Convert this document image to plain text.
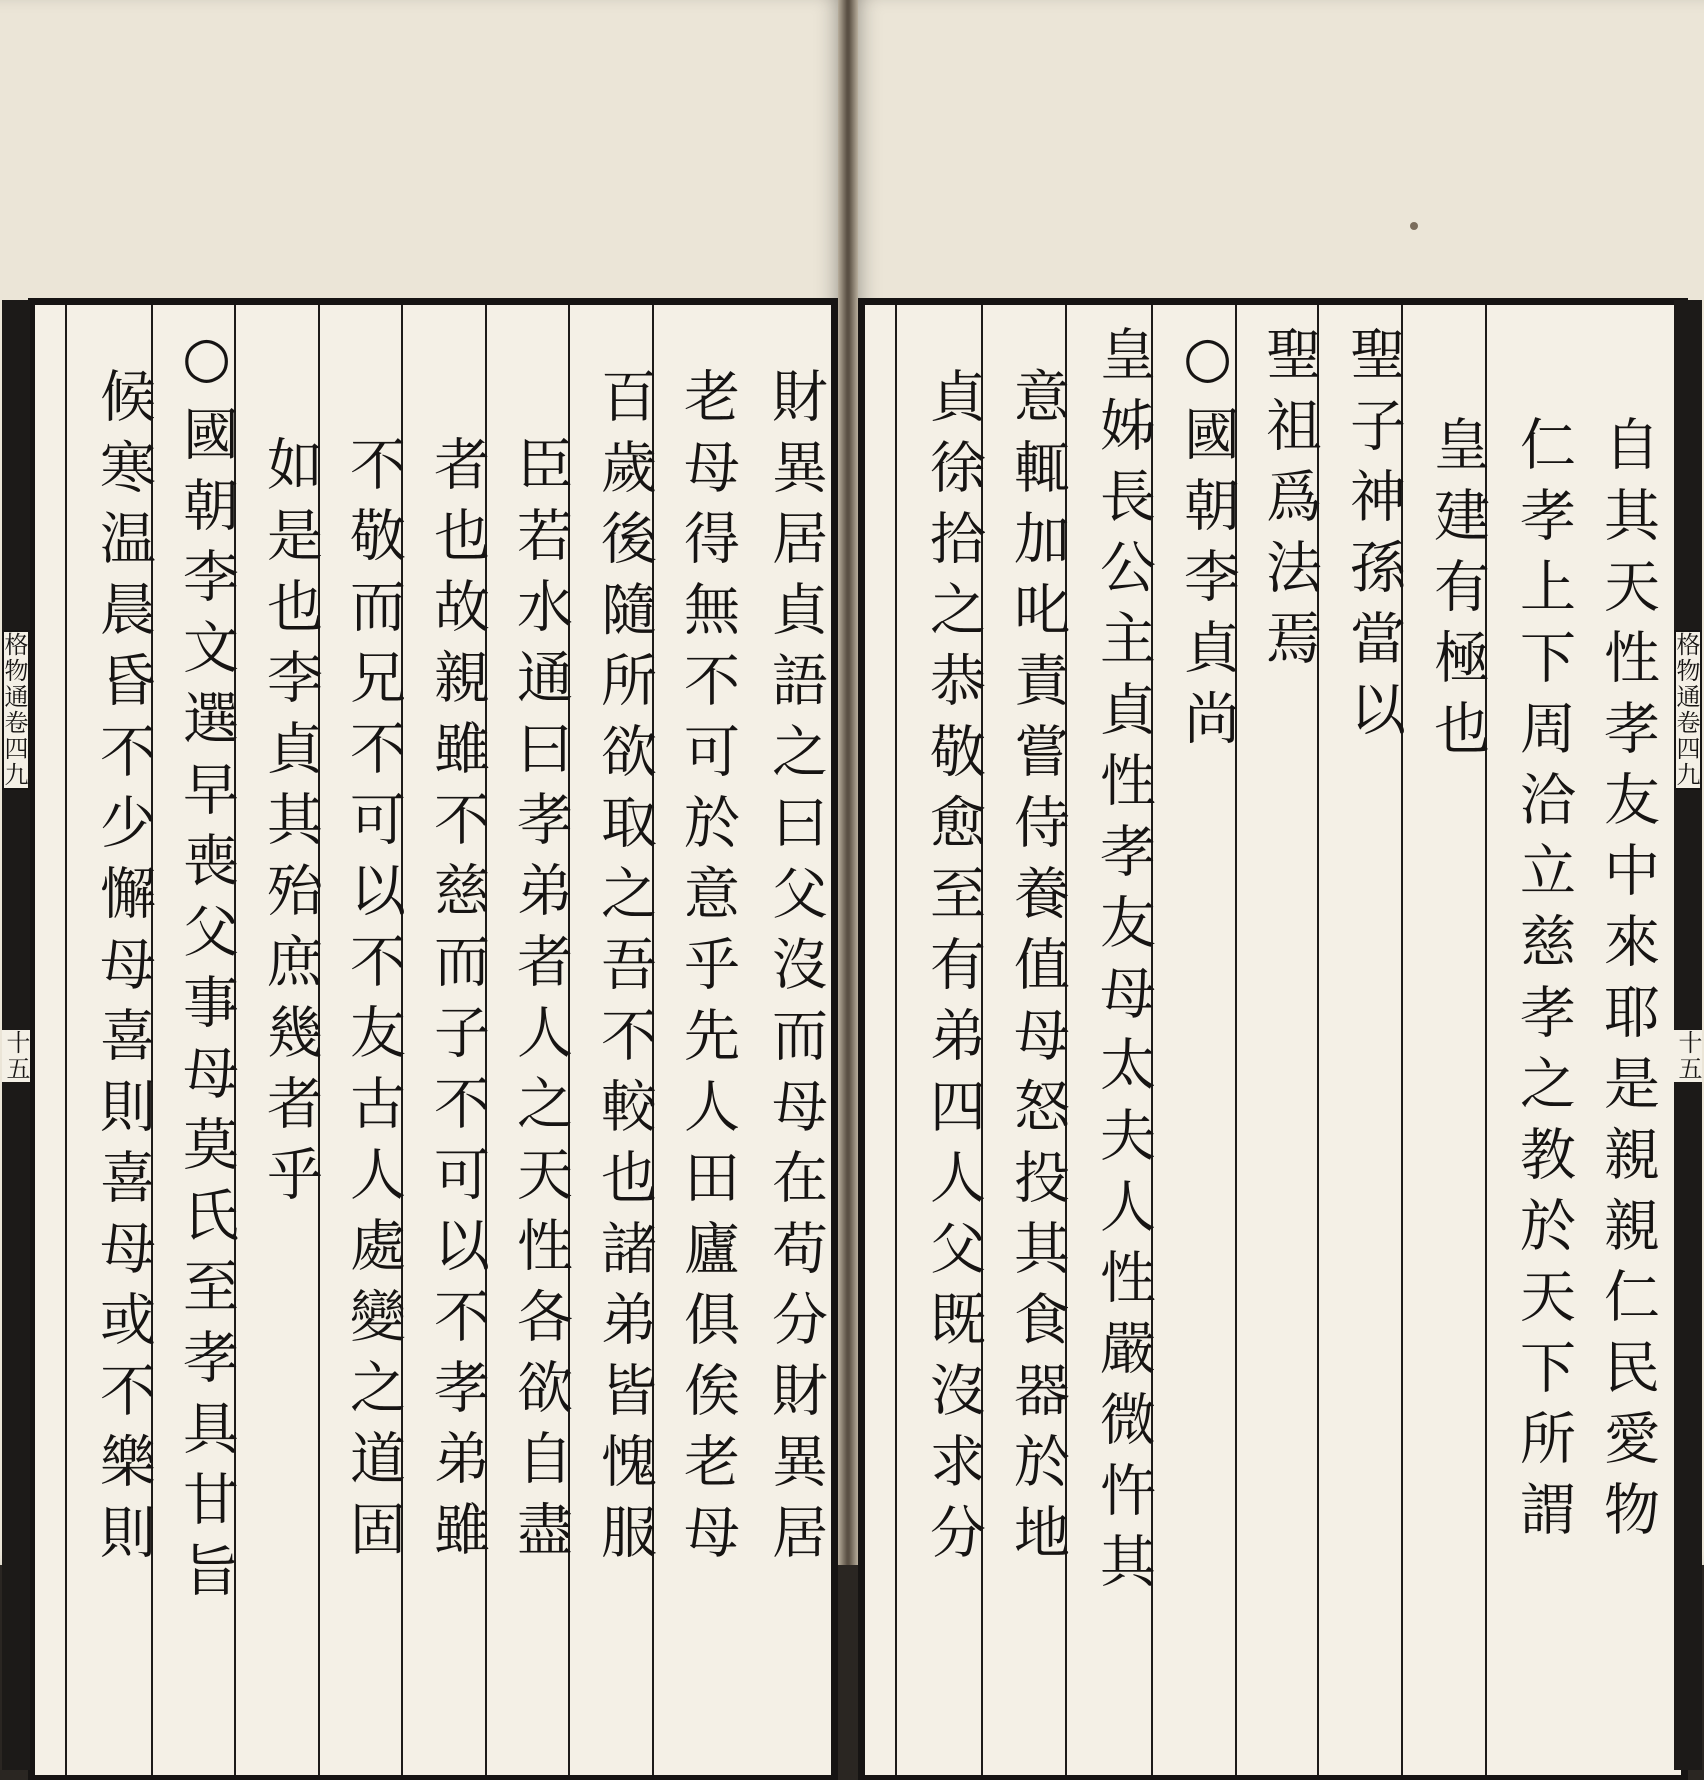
財異居貞語之曰父沒而母在苟分財異居
老母得無不可於意乎先人田廬俱俟老母
百歲後隨所欲取之吾不較也諸弟皆愧服
臣若水通曰孝弟者人之天性各欲自盡
者也故親雖不慈而子不可以不孝弟雖
不敬而兄不可以不友古人處變之道固
如是也李貞其殆庶幾者乎
○國朝李文選早喪父事母莫氏至孝具甘旨
候寒温晨昏不少懈母喜則喜母或不樂則
格物通卷四九
十五	自其天性孝友中來耶是親親仁民愛物
仁孝上下周洽立慈孝之教於天下所謂
皇建有極也
聖子神孫當以
聖祖爲法焉
○國朝李貞尚
皇姊長公主貞性孝友母太夫人性嚴微忤其
意輒加叱責嘗侍養值母怒投其食器於地
貞徐拾之恭敬愈至有弟四人父既沒求分	格物通卷四九
十五
